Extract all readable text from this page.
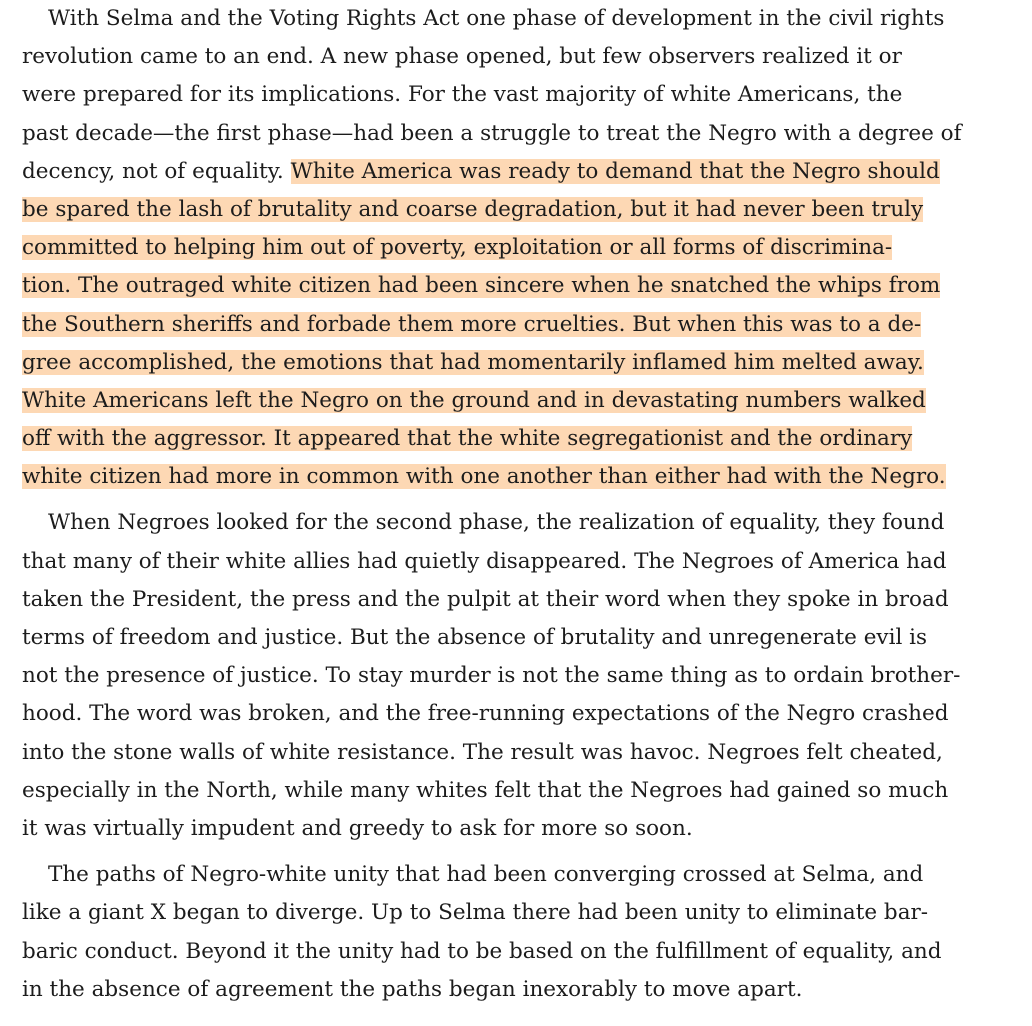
With Selma and the Voting Rights Act one phase of development in the civil rights
revolution came to an end. A new phase opened, but few observers realized it or
were prepared for its implications. For the vast majority of white Americans, the
past decade—the first phase—had been a struggle to treat the Negro with a degree of
decency, not of equality. White America was ready to demand that the Negro should
be spared the lash of brutality and coarse degradation, but it had never been truly
committed to helping him out of poverty, exploitation or all forms of discrimina-
tion. The outraged white citizen had been sincere when he snatched the whips from
the Southern sheriffs and forbade them more cruelties. But when this was to a de-
gree accomplished, the emotions that had momentarily inflamed him melted away.
White Americans left the Negro on the ground and in devastating numbers walked
off with the aggressor. It appeared that the white segregationist and the ordinary
white citizen had more in common with one another than either had with the Negro.
When Negroes looked for the second phase, the realization of equality, they found
that many of their white allies had quietly disappeared. The Negroes of America had
taken the President, the press and the pulpit at their word when they spoke in broad
terms of freedom and justice. But the absence of brutality and unregenerate evil is
not the presence of justice. To stay murder is not the same thing as to ordain brother-
hood. The word was broken, and the free-running expectations of the Negro crashed
into the stone walls of white resistance. The result was havoc. Negroes felt cheated,
especially in the North, while many whites felt that the Negroes had gained so much
it was virtually impudent and greedy to ask for more so soon.
The paths of Negro-white unity that had been converging crossed at Selma, and
like a giant X began to diverge. Up to Selma there had been unity to eliminate bar-
baric conduct. Beyond it the unity had to be based on the fulfillment of equality, and
in the absence of agreement the paths began inexorably to move apart.
